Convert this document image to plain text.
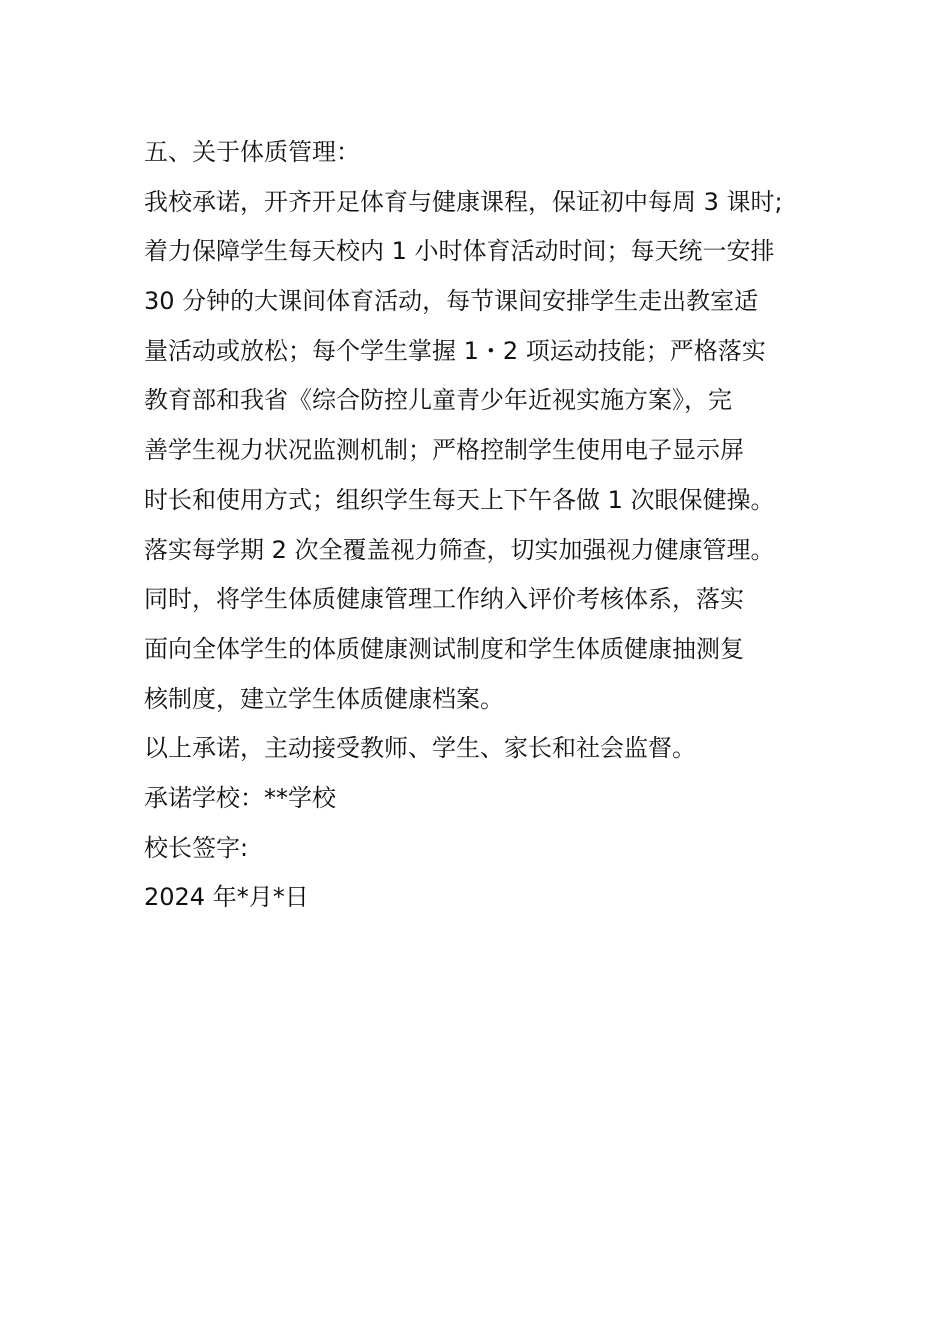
五、关于体质管理：
我校承诺，开齐开足体育与健康课程，保证初中每周 3 课时;
着力保障学生每天校内 1 小时体育活动时间；每天统一安排
30 分钟的大课间体育活动，每节课间安排学生走出教室适
量活动或放松；每个学生掌握 1・2 项运动技能；严格落实
教育部和我省《综合防控儿童青少年近视实施方案》，完
善学生视力状况监测机制；严格控制学生使用电子显示屏
时长和使用方式；组织学生每天上下午各做 1 次眼保健操。
落实每学期 2 次全覆盖视力筛查，切实加强视力健康管理。
同时，将学生体质健康管理工作纳入评价考核体系，落实
面向全体学生的体质健康测试制度和学生体质健康抽测复
核制度，建立学生体质健康档案。
以上承诺，主动接受教师、学生、家长和社会监督。
承诺学校：**学校
校长签字:
2024 年*月*日
